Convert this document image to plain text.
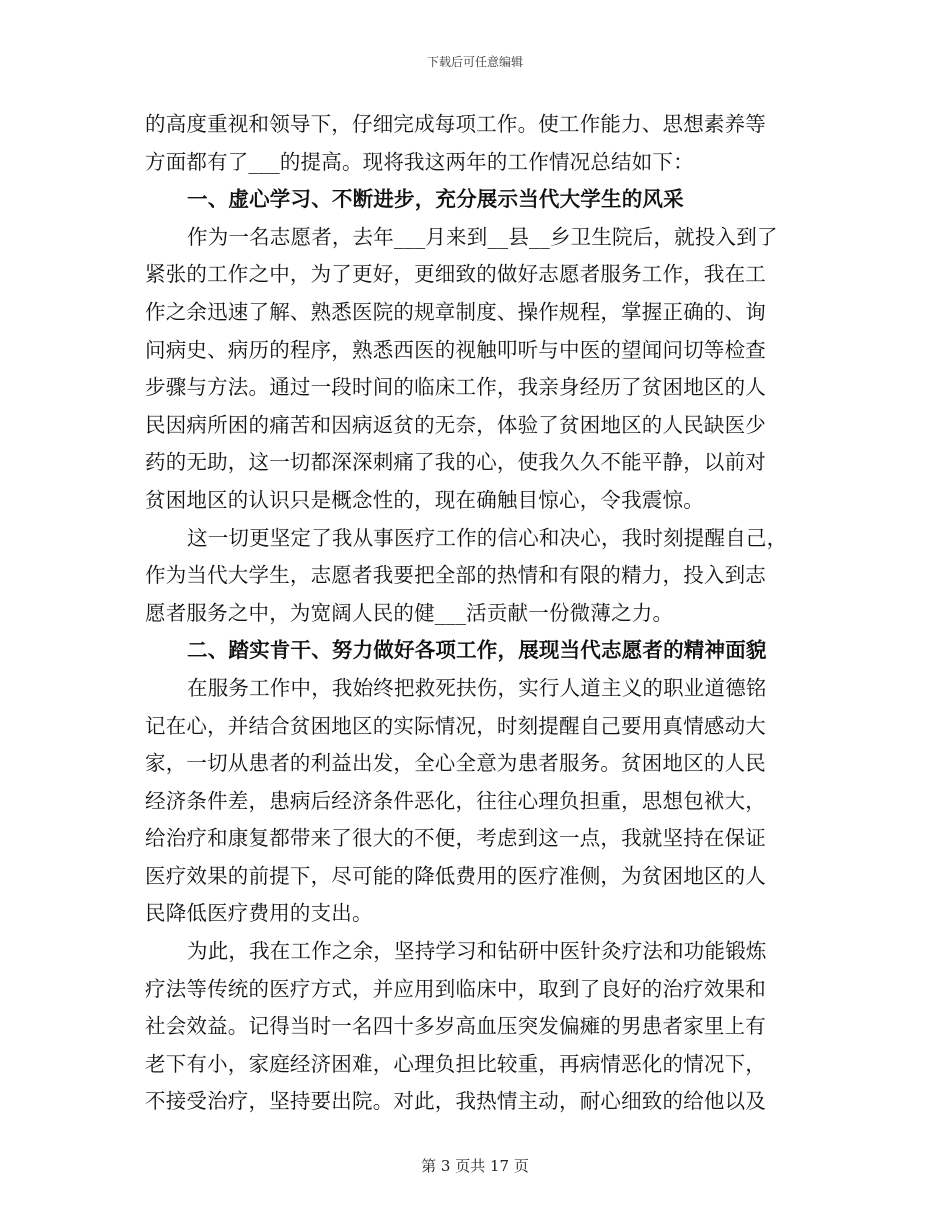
下载后可任意编辑
的高度重视和领导下，仔细完成每项工作。使工作能力、思想素养等
方面都有了___的提高。现将我这两年的工作情况总结如下：
一、虚心学习、不断进步，充分展示当代大学生的风采
作为一名志愿者，去年___月来到__县__乡卫生院后，就投入到了
紧张的工作之中，为了更好，更细致的做好志愿者服务工作，我在工
作之余迅速了解、熟悉医院的规章制度、操作规程，掌握正确的、询
问病史、病历的程序，熟悉西医的视触叩听与中医的望闻问切等检查
步骤与方法。通过一段时间的临床工作，我亲身经历了贫困地区的人
民因病所困的痛苦和因病返贫的无奈，体验了贫困地区的人民缺医少
药的无助，这一切都深深刺痛了我的心，使我久久不能平静，以前对
贫困地区的认识只是概念性的，现在确触目惊心，令我震惊。
这一切更坚定了我从事医疗工作的信心和决心，我时刻提醒自己，
作为当代大学生，志愿者我要把全部的热情和有限的精力，投入到志
愿者服务之中，为宽阔人民的健___活贡献一份微薄之力。
二、踏实肯干、努力做好各项工作，展现当代志愿者的精神面貌
在服务工作中，我始终把救死扶伤，实行人道主义的职业道德铭
记在心，并结合贫困地区的实际情况，时刻提醒自己要用真情感动大
家，一切从患者的利益出发，全心全意为患者服务。贫困地区的人民
经济条件差，患病后经济条件恶化，往往心理负担重，思想包袱大，
给治疗和康复都带来了很大的不便，考虑到这一点，我就坚持在保证
医疗效果的前提下，尽可能的降低费用的医疗准侧，为贫困地区的人
民降低医疗费用的支出。
为此，我在工作之余，坚持学习和钻研中医针灸疗法和功能锻炼
疗法等传统的医疗方式，并应用到临床中，取到了良好的治疗效果和
社会效益。记得当时一名四十多岁高血压突发偏瘫的男患者家里上有
老下有小，家庭经济困难，心理负担比较重，再病情恶化的情况下，
不接受治疗，坚持要出院。对此，我热情主动，耐心细致的给他以及
第 3 页共 17 页
